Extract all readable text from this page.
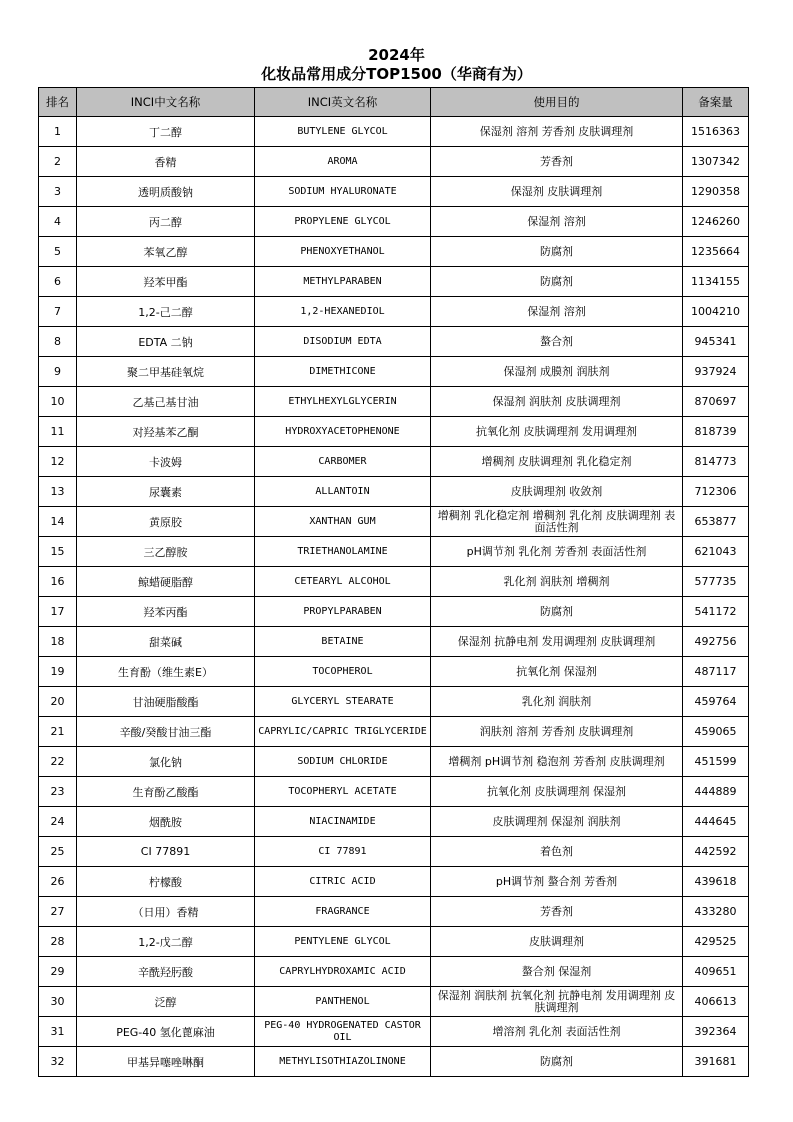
2024年
化妆品常用成分TOP1500（华商有为）
排名	INCI中文名称	INCI英文名称	使用目的	备案量
1	丁二醇	BUTYLENE GLYCOL	保湿剂 溶剂 芳香剂 皮肤调理剂	1516363
2	香精	AROMA	芳香剂	1307342
3	透明质酸钠	SODIUM HYALURONATE	保湿剂 皮肤调理剂	1290358
4	丙二醇	PROPYLENE GLYCOL	保湿剂 溶剂	1246260
5	苯氧乙醇	PHENOXYETHANOL	防腐剂	1235664
6	羟苯甲酯	METHYLPARABEN	防腐剂	1134155
7	1,2-己二醇	1,2-HEXANEDIOL	保湿剂 溶剂	1004210
8	EDTA 二钠	DISODIUM EDTA	螯合剂	945341
9	聚二甲基硅氧烷	DIMETHICONE	保湿剂 成膜剂 润肤剂	937924
10	乙基己基甘油	ETHYLHEXYLGLYCERIN	保湿剂 润肤剂 皮肤调理剂	870697
11	对羟基苯乙酮	HYDROXYACETOPHENONE	抗氧化剂 皮肤调理剂 发用调理剂	818739
12	卡波姆	CARBOMER	增稠剂 皮肤调理剂 乳化稳定剂	814773
13	尿囊素	ALLANTOIN	皮肤调理剂 收敛剂	712306
14	黄原胶	XANTHAN GUM	增稠剂 乳化稳定剂 增稠剂 乳化剂 皮肤调理剂 表面活性剂	653877
15	三乙醇胺	TRIETHANOLAMINE	pH调节剂 乳化剂 芳香剂 表面活性剂	621043
16	鲸蜡硬脂醇	CETEARYL ALCOHOL	乳化剂 润肤剂 增稠剂	577735
17	羟苯丙酯	PROPYLPARABEN	防腐剂	541172
18	甜菜碱	BETAINE	保湿剂 抗静电剂 发用调理剂 皮肤调理剂	492756
19	生育酚（维生素E）	TOCOPHEROL	抗氧化剂 保湿剂	487117
20	甘油硬脂酸酯	GLYCERYL STEARATE	乳化剂 润肤剂	459764
21	辛酸/癸酸甘油三酯	CAPRYLIC/CAPRIC TRIGLYCERIDE	润肤剂 溶剂 芳香剂 皮肤调理剂	459065
22	氯化钠	SODIUM CHLORIDE	增稠剂 pH调节剂 稳泡剂 芳香剂 皮肤调理剂	451599
23	生育酚乙酸酯	TOCOPHERYL ACETATE	抗氧化剂 皮肤调理剂 保湿剂	444889
24	烟酰胺	NIACINAMIDE	皮肤调理剂 保湿剂 润肤剂	444645
25	CI 77891	CI 77891	着色剂	442592
26	柠檬酸	CITRIC ACID	pH调节剂 螯合剂 芳香剂	439618
27	（日用）香精	FRAGRANCE	芳香剂	433280
28	1,2-戊二醇	PENTYLENE GLYCOL	皮肤调理剂	429525
29	辛酰羟肟酸	CAPRYLHYDROXAMIC ACID	螯合剂 保湿剂	409651
30	泛醇	PANTHENOL	保湿剂 润肤剂 抗氧化剂 抗静电剂 发用调理剂 皮肤调理剂	406613
31	PEG-40 氢化蓖麻油	PEG-40 HYDROGENATED CASTOR OIL	增溶剂 乳化剂 表面活性剂	392364
32	甲基异噻唑啉酮	METHYLISOTHIAZOLINONE	防腐剂	391681
